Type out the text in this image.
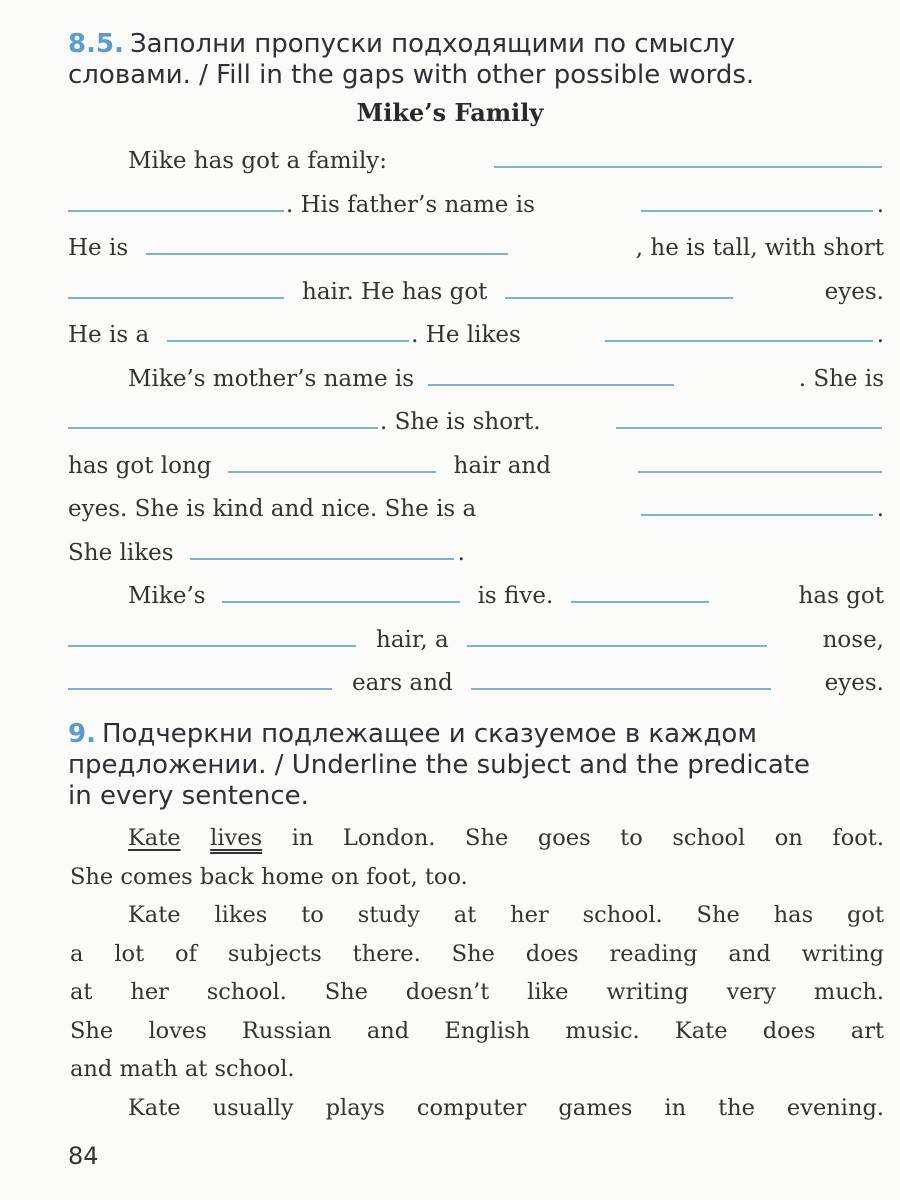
8.5. Заполни пропуски подходящими по смыслу

словами. / Fill in the gaps with other possible words.

Mike’s Family

Mike has got a family:
. His father’s name is	.
He is	, he is tall, with short
hair. He has got	eyes.
He is a	. He likes	.
Mike’s mother’s name is	. She is
. She is short.
has got long	hair and
eyes. She is kind and nice. She is a	.
She likes	.
Mike’s	is five.	has got
hair, a	nose,
ears and	eyes.

9. Подчеркни подлежащее и сказуемое в каждом

предложении. / Underline the subject and the predicate

in every sentence.

Kate lives in London. She goes to school on foot.

She comes back home on foot, too.

Kate likes to study at her school. She has got

a lot of subjects there. She does reading and writing

at her school. She doesn’t like writing very much.

She loves Russian and English music. Kate does art

and math at school.

Kate usually plays computer games in the evening.

84
